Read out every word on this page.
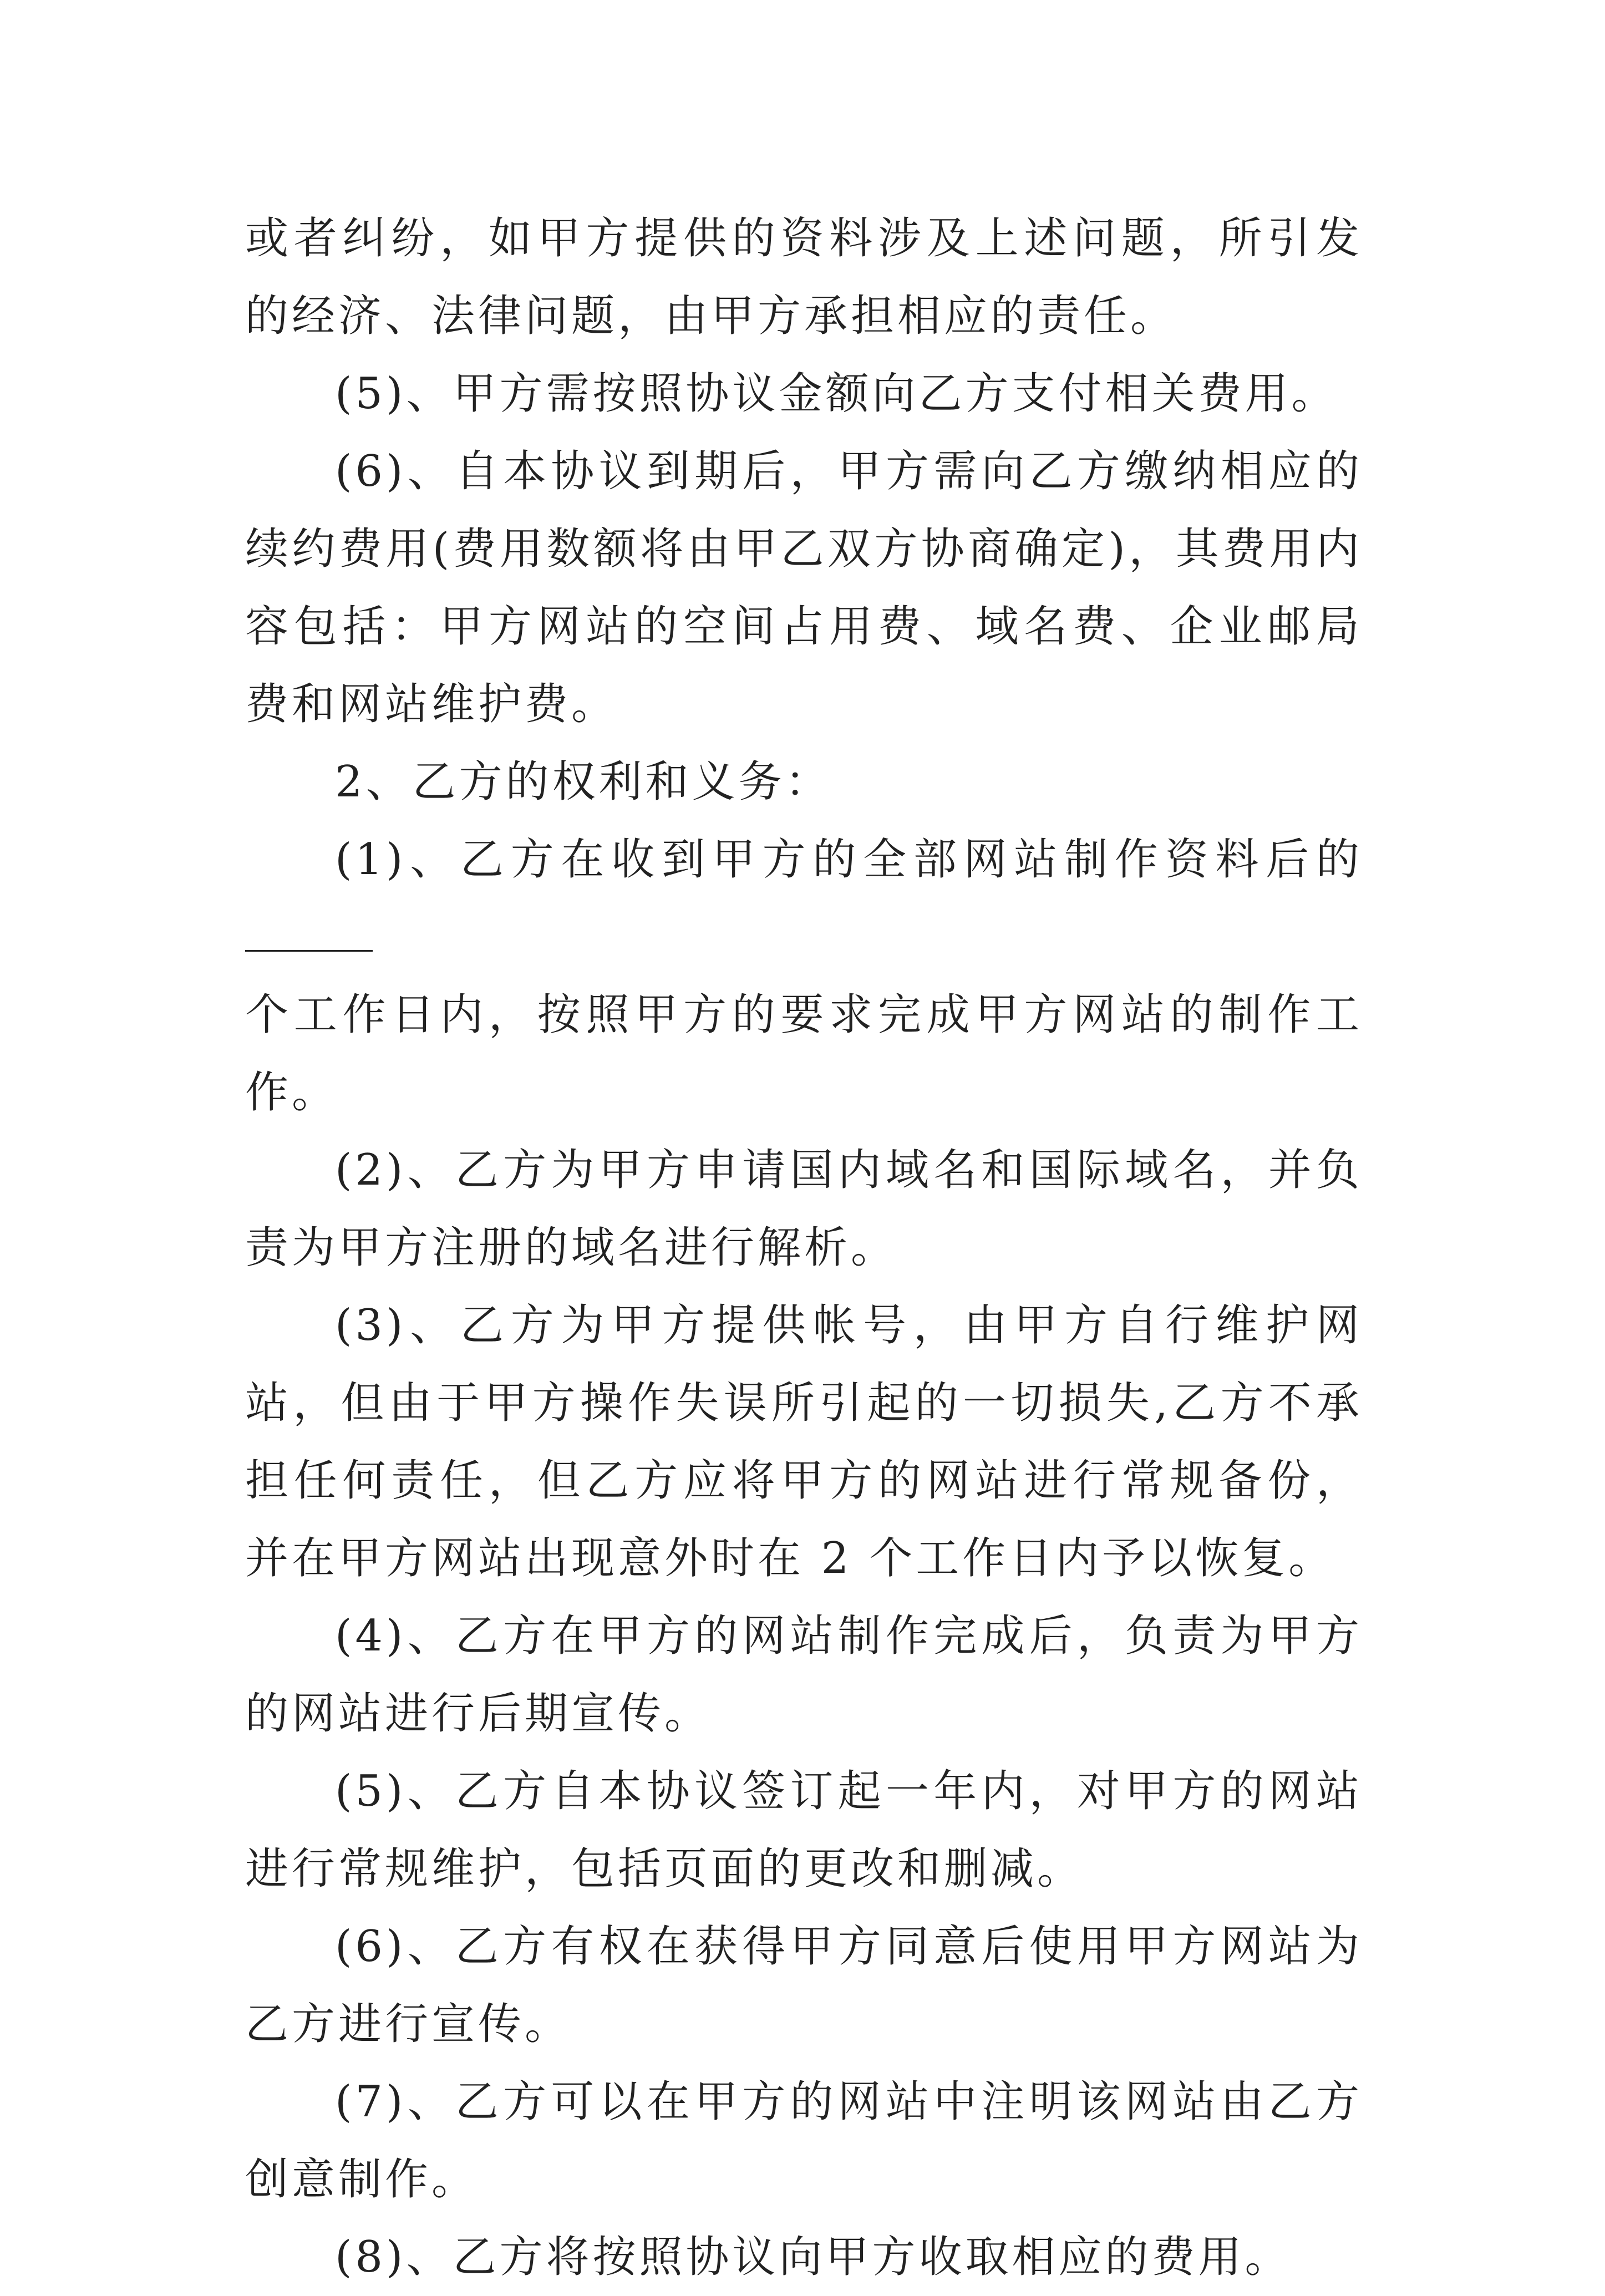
或者纠纷，如甲方提供的资料涉及上述问题，所引发的经济、法律问题，由甲方承担相应的责任。

(5)、甲方需按照协议金额向乙方支付相关费用。

(6)、自本协议到期后，甲方需向乙方缴纳相应的续约费用(费用数额将由甲乙双方协商确定)，其费用内容包括：甲方网站的空间占用费、域名费、企业邮局费和网站维护费。

2、乙方的权利和义务：

(1)、乙方在收到甲方的全部网站制作资料后的

个工作日内，按照甲方的要求完成甲方网站的制作工作。

(2)、乙方为甲方申请国内域名和国际域名，并负责为甲方注册的域名进行解析。

(3)、乙方为甲方提供帐号，由甲方自行维护网站，但由于甲方操作失误所引起的一切损失,乙方不承担任何责任，但乙方应将甲方的网站进行常规备份，并在甲方网站出现意外时在 2 个工作日内予以恢复。

(4)、乙方在甲方的网站制作完成后，负责为甲方的网站进行后期宣传。

(5)、乙方自本协议签订起一年内，对甲方的网站进行常规维护，包括页面的更改和删减。

(6)、乙方有权在获得甲方同意后使用甲方网站为乙方进行宣传。

(7)、乙方可以在甲方的网站中注明该网站由乙方创意制作。

(8)、乙方将按照协议向甲方收取相应的费用。
